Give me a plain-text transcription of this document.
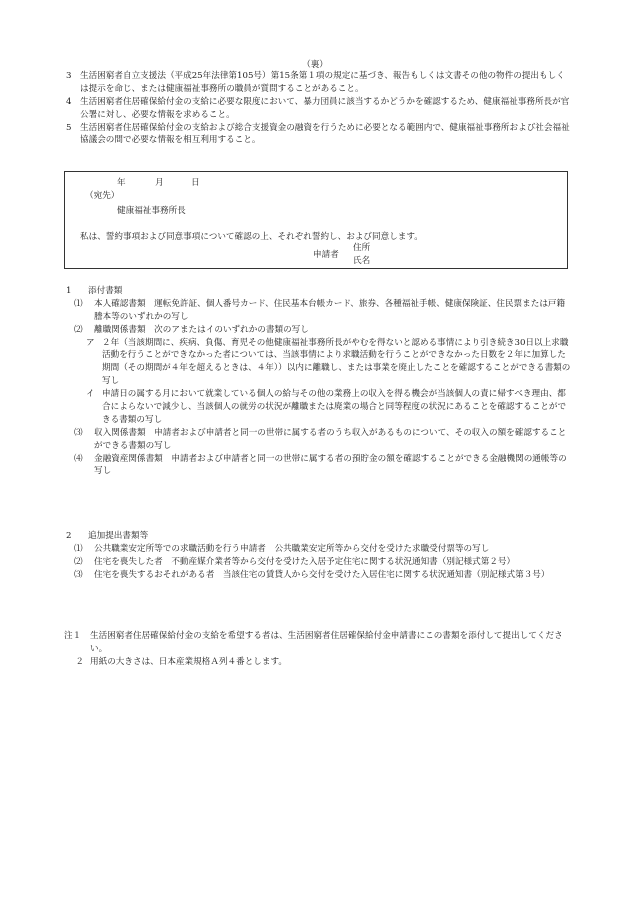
（裏）
3 生活困窮者自立支援法（平成25年法律第105号）第15条第１項の規定に基づき、報告もしくは文書その他の物件の提出もしくは提示を命じ、または健康福祉事務所の職員が質問することがあること。
4 生活困窮者住居確保給付金の支給に必要な限度において、暴力団員に該当するかどうかを確認するため、健康福祉事務所長が官公署に対し、必要な情報を求めること。
5 生活困窮者住居確保給付金の支給および総合支援資金の融資を行うために必要となる範囲内で、健康福祉事務所および社会福祉協議会の間で必要な情報を相互利用すること。
年	月	日
（宛先）
健康福祉事務所長
私は、誓約事項および同意事項について確認の上、それぞれ誓約し、および同意します。
申請者
住所
氏名
1	添付書類
⑴	本人確認書類　運転免許証、個人番号カード、住民基本台帳カード、旅券、各種福祉手帳、健康保険証、住民票または戸籍謄本等のいずれかの写し
⑵	離職関係書類　次のアまたはイのいずれかの書類の写し
ア ２年（当該期間に、疾病、負傷、育児その他健康福祉事務所長がやむを得ないと認める事情により引き続き30日以上求職活動を行うことができなかった者については、当該事情により求職活動を行うことができなかった日数を２年に加算した期間（その期間が４年を超えるときは、４年））以内に離職し、または事業を廃止したことを確認することができる書類の写し
イ 申請日の属する月において就業している個人の給与その他の業務上の収入を得る機会が当該個人の責に帰すべき理由、都合によらないで減少し、当該個人の就労の状況が離職または廃業の場合と同等程度の状況にあることを確認することができる書類の写し
⑶	収入関係書類　申請者および申請者と同一の世帯に属する者のうち収入があるものについて、その収入の額を確認することができる書類の写し
⑷	金融資産関係書類　申請者および申請者と同一の世帯に属する者の預貯金の額を確認することができる金融機関の通帳等の写し
2	追加提出書類等
⑴	公共職業安定所等での求職活動を行う申請者　公共職業安定所等から交付を受けた求職受付票等の写し
⑵	住宅を喪失した者　不動産媒介業者等から交付を受けた入居予定住宅に関する状況通知書（別記様式第２号）
⑶	住宅を喪失するおそれがある者　当該住宅の賃貸人から交付を受けた入居住宅に関する状況通知書（別記様式第３号）
注１	生活困窮者住居確保給付金の支給を希望する者は、生活困窮者住居確保給付金申請書にこの書類を添付して提出してください。
２ 用紙の大きさは、日本産業規格Ａ列４番とします。
